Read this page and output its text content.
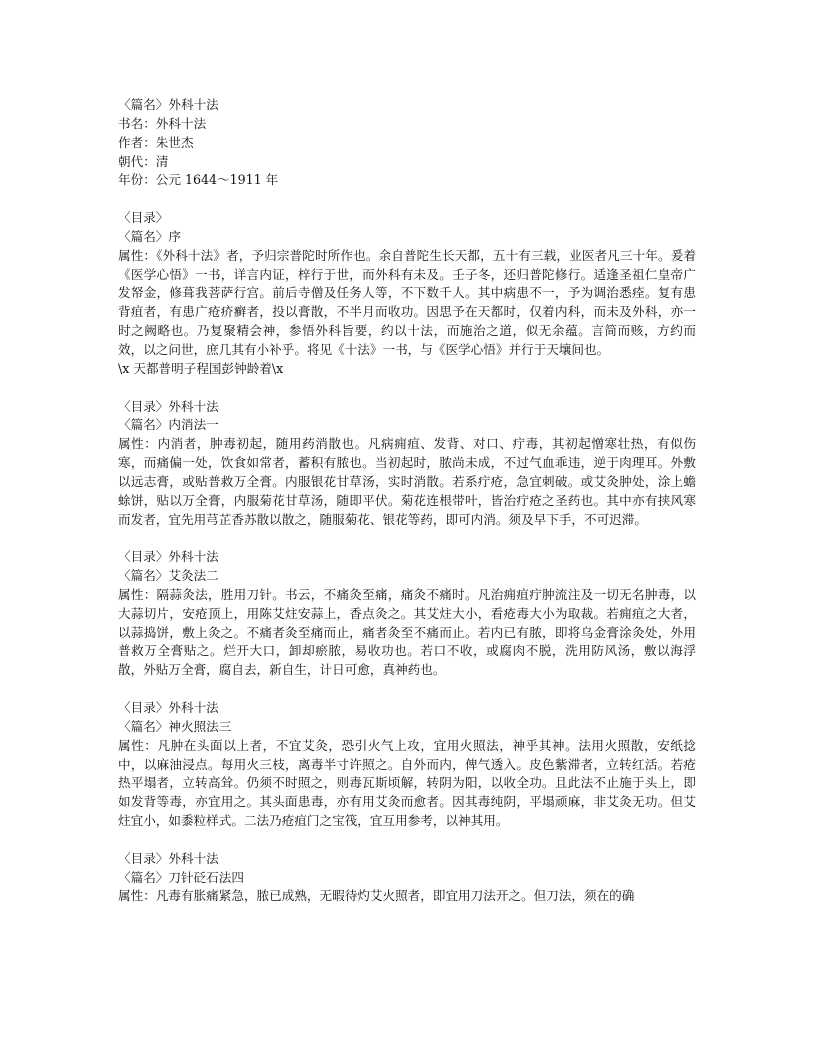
〈篇名〉外科十法
书名：外科十法
作者：朱世杰
朝代：清
年份：公元 1644～1911 年
〈目录〉
〈篇名〉序
属性：《外科十法》者，予归宗普陀时所作也。余自普陀生长天都，五十有三载，业医者凡三十年。爰着《医学心悟》一书，详言内证，梓行于世，而外科有未及。壬子冬，还归普陀修行。适逢圣祖仁皇帝广发帑金，修葺我菩萨行宫。前后寺僧及任务人等，不下数千人。其中病患不一，予为调治悉痊。复有患背疽者，有患广疮疥癣者，投以膏散，不半月而收功。因思予在天都时，仅着内科，而未及外科，亦一时之阙略也。乃复聚精会神，参悟外科旨要，约以十法，而施治之道，似无余蕴。言简而赅，方约而效，以之问世，庶几其有小补乎。将见《十法》一书，与《医学心悟》并行于天壤间也。
\x 天都普明子程国彭钟龄着\x
〈目录〉外科十法
〈篇名〉内消法一
属性：内消者，肿毒初起，随用药消散也。凡病痈疽、发背、对口、疔毒，其初起憎寒壮热，有似伤寒，而痛偏一处，饮食如常者，蓄积有脓也。当初起时，脓尚未成，不过气血乖违，逆于肉理耳。外敷以远志膏，或贴普救万全膏。内服银花甘草汤，实时消散。若系疔疮，急宜刺破。或艾灸肿处，涂上蟾蜍饼，贴以万全膏，内服菊花甘草汤，随即平伏。菊花连根带叶，皆治疔疮之圣药也。其中亦有挟风寒而发者，宜先用芎芷香苏散以散之，随服菊花、银花等药，即可内消。须及早下手，不可迟滞。
〈目录〉外科十法
〈篇名〉艾灸法二
属性：隔蒜灸法，胜用刀针。书云，不痛灸至痛，痛灸不痛时。凡治痈疽疔肿流注及一切无名肿毒，以大蒜切片，安疮顶上，用陈艾炷安蒜上，香点灸之。其艾炷大小，看疮毒大小为取裁。若痈疽之大者，以蒜捣饼，敷上灸之。不痛者灸至痛而止，痛者灸至不痛而止。若内已有脓，即将乌金膏涂灸处，外用普救万全膏贴之。烂开大口，卸却瘀脓，易收功也。若口不收，或腐肉不脱，洗用防风汤，敷以海浮散，外贴万全膏，腐自去，新自生，计日可愈，真神药也。
〈目录〉外科十法
〈篇名〉神火照法三
属性：凡肿在头面以上者，不宜艾灸，恐引火气上攻，宜用火照法，神乎其神。法用火照散，安纸捻中，以麻油浸点。每用火三枝，离毒半寸许照之。自外而内，俾气透入。皮色紫滞者，立转红活。若疮热平塌者，立转高耸。仍须不时照之，则毒瓦斯顷解，转阴为阳，以收全功。且此法不止施于头上，即如发背等毒，亦宜用之。其头面患毒，亦有用艾灸而愈者。因其毒纯阴，平塌顽麻，非艾灸无功。但艾炷宜小，如黍粒样式。二法乃疮疽门之宝筏，宜互用参考，以神其用。
〈目录〉外科十法
〈篇名〉刀针砭石法四
属性：凡毒有胀痛紧急，脓已成熟，无暇待灼艾火照者，即宜用刀法开之。但刀法，须在的确
